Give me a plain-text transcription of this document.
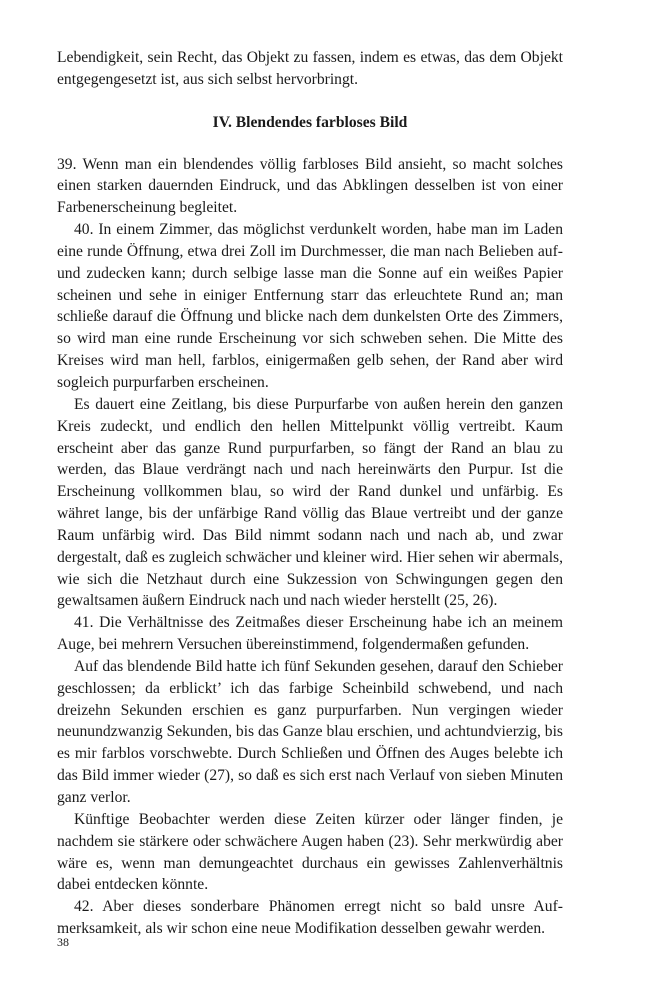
Lebendigkeit, sein Recht, das Objekt zu fassen, indem es etwas, das dem Objekt entgegengesetzt ist, aus sich selbst hervorbringt.

IV. Blendendes farbloses Bild

39. Wenn man ein blendendes völlig farbloses Bild ansieht, so macht solches einen starken dauernden Eindruck, und das Abklingen desselben ist von einer Farbenerscheinung begleitet.

40. In einem Zimmer, das möglichst verdunkelt worden, habe man im Laden eine runde Öffnung, etwa drei Zoll im Durchmesser, die man nach Belieben auf- und zudecken kann; durch selbige lasse man die Sonne auf ein weißes Papier scheinen und sehe in einiger Entfernung starr das erleuchtete Rund an; man schließe darauf die Öffnung und blicke nach dem dunkelsten Orte des Zimmers, so wird man eine runde Erscheinung vor sich schweben sehen. Die Mitte des Kreises wird man hell, farblos, einigermaßen gelb sehen, der Rand aber wird sogleich purpurfarben erscheinen.

Es dauert eine Zeitlang, bis diese Purpurfarbe von außen herein den ganzen Kreis zudeckt, und endlich den hellen Mittelpunkt völlig vertreibt. Kaum erscheint aber das ganze Rund purpurfarben, so fängt der Rand an blau zu werden, das Blaue verdrängt nach und nach hereinwärts den Purpur. Ist die Erscheinung vollkommen blau, so wird der Rand dunkel und unfärbig. Es währet lange, bis der unfärbige Rand völlig das Blaue vertreibt und der ganze Raum unfärbig wird. Das Bild nimmt sodann nach und nach ab, und zwar dergestalt, daß es zugleich schwächer und kleiner wird. Hier sehen wir abermals, wie sich die Netzhaut durch eine Sukzession von Schwingungen gegen den gewaltsamen äußern Eindruck nach und nach wieder herstellt (25, 26).

41. Die Verhältnisse des Zeitmaßes dieser Erscheinung habe ich an meinem Auge, bei mehrern Versuchen übereinstimmend, folgendermaßen gefunden.

Auf das blendende Bild hatte ich fünf Sekunden gesehen, darauf den Schieber geschlossen; da erblickt’ ich das farbige Scheinbild schwebend, und nach dreizehn Sekunden erschien es ganz purpurfarben. Nun vergingen wieder neunundzwanzig Sekunden, bis das Ganze blau erschien, und achtundvierzig, bis es mir farblos vorschwebte. Durch Schließen und Öffnen des Auges belebte ich das Bild immer wieder (27), so daß es sich erst nach Verlauf von sieben Minuten ganz verlor.

Künftige Beobachter werden diese Zeiten kürzer oder länger finden, je nachdem sie stärkere oder schwächere Augen haben (23). Sehr merkwürdig aber wäre es, wenn man demungeachtet durchaus ein gewisses Zahlenverhältnis dabei entdecken könnte.

42. Aber dieses sonderbare Phänomen erregt nicht so bald unsre Aufmerksamkeit, als wir schon eine neue Modifikation desselben gewahr werden.

38
